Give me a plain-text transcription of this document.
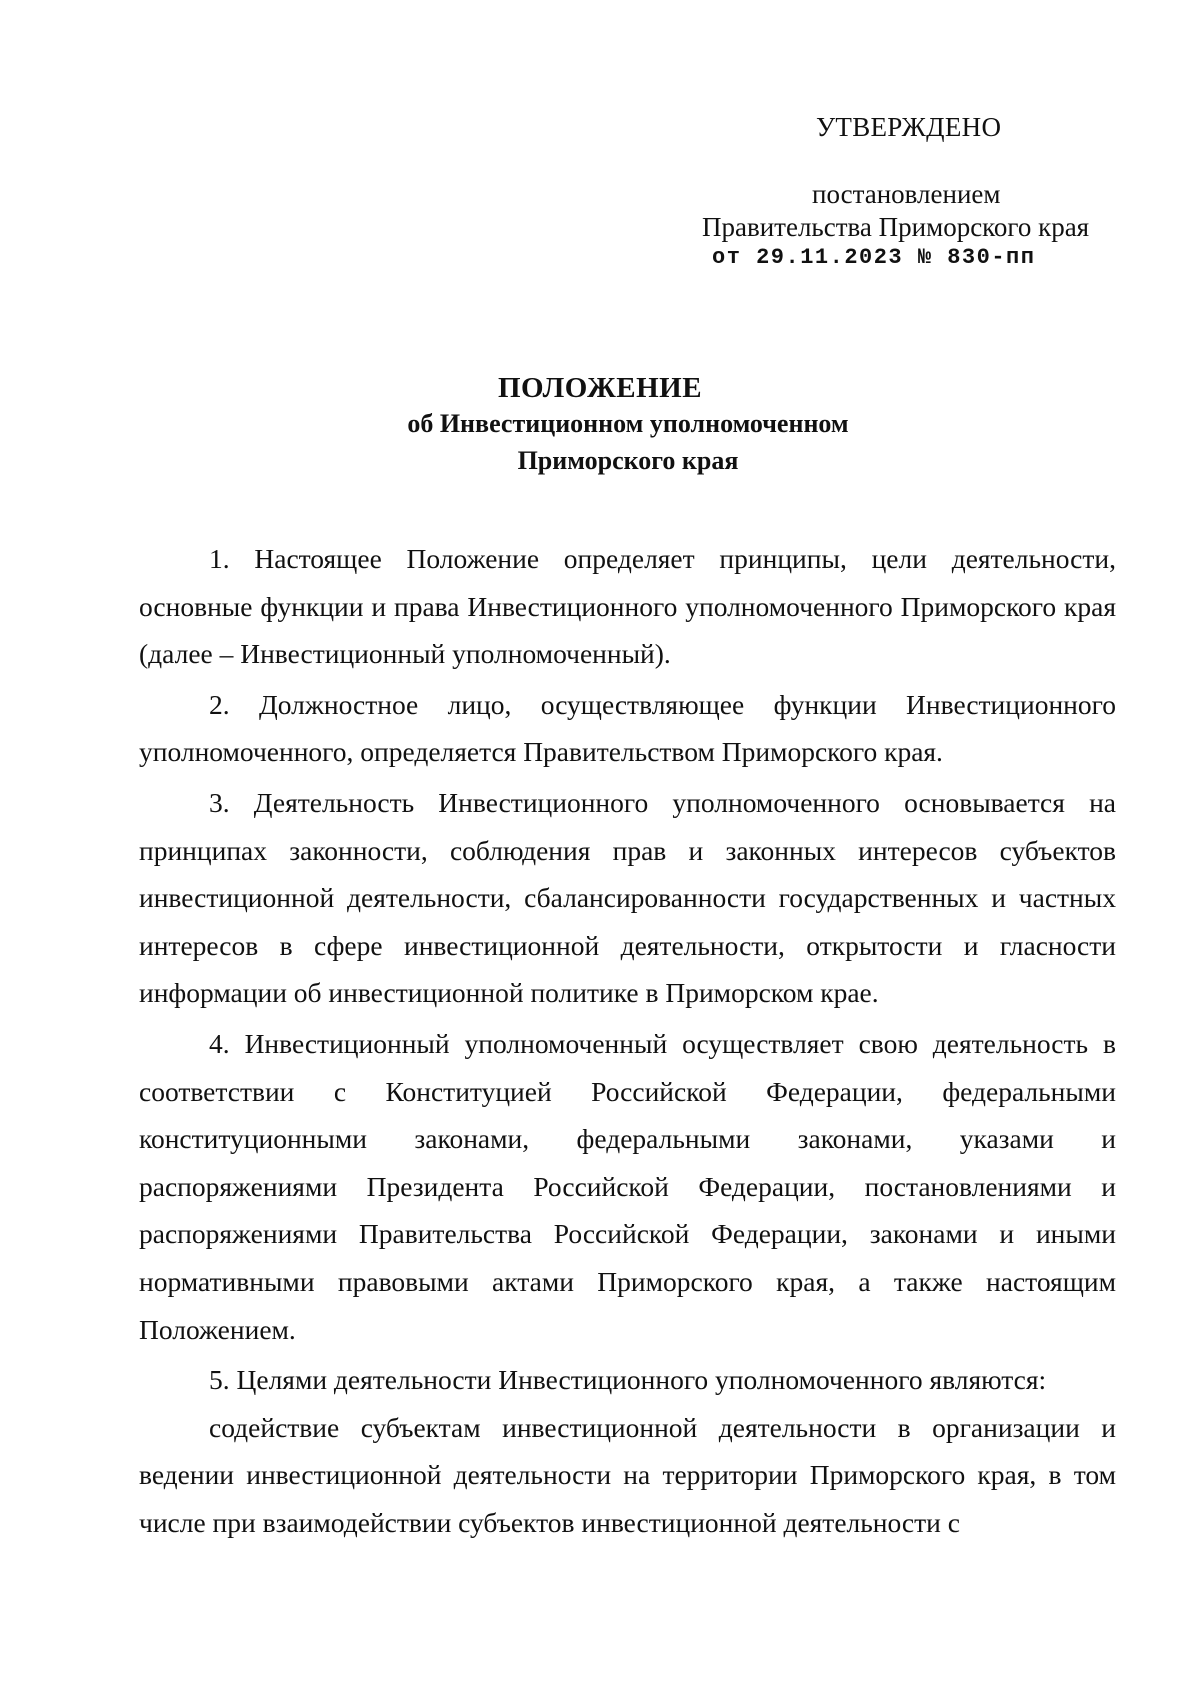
УТВЕРЖДЕНО
постановлением
Правительства Приморского края
от 29.11.2023 № 830-пп
ПОЛОЖЕНИЕ
об Инвестиционном уполномоченном
Приморского края

1. Настоящее Положение определяет принципы, цели деятельности, основные функции и права Инвестиционного уполномоченного Приморского края (далее – Инвестиционный уполномоченный).

2. Должностное лицо, осуществляющее функции Инвестиционного уполномоченного, определяется Правительством Приморского края.

3. Деятельность Инвестиционного уполномоченного основывается на принципах законности, соблюдения прав и законных интересов субъектов инвестиционной деятельности, сбалансированности государственных и частных интересов в сфере инвестиционной деятельности, открытости и гласности информации об инвестиционной политике в Приморском крае.

4. Инвестиционный уполномоченный осуществляет свою деятельность в соответствии с Конституцией Российской Федерации, федеральными конституционными законами, федеральными законами, указами и распоряжениями Президента Российской Федерации, постановлениями и распоряжениями Правительства Российской Федерации, законами и иными нормативными правовыми актами Приморского края, а также настоящим Положением.

5. Целями деятельности Инвестиционного уполномоченного являются:

содействие субъектам инвестиционной деятельности в организации и ведении инвестиционной деятельности на территории Приморского края, в том числе при взаимодействии субъектов инвестиционной деятельности с
